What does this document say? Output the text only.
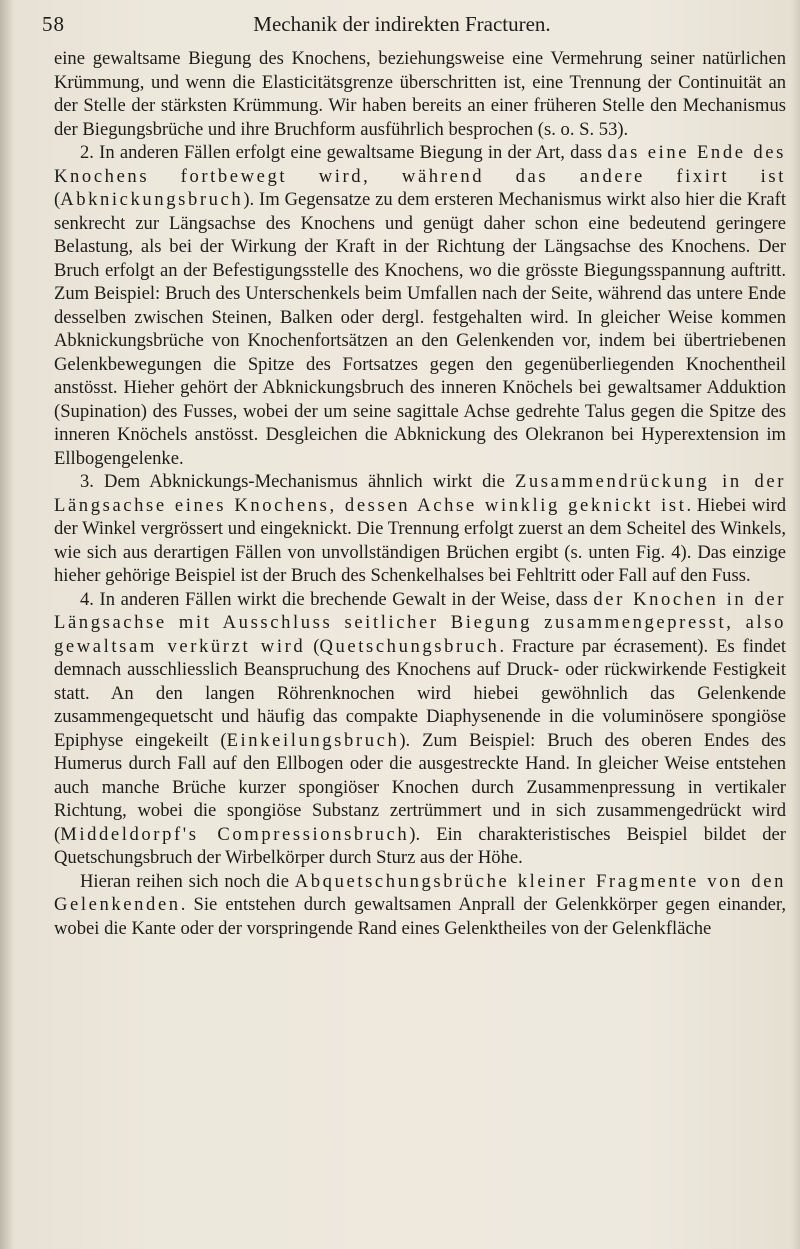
58	Mechanik der indirekten Fracturen.

eine gewaltsame Biegung des Knochens, beziehungsweise eine Vermehrung seiner natürlichen Krümmung, und wenn die Elasticitätsgrenze überschritten ist, eine Trennung der Continuität an der Stelle der stärksten Krümmung. Wir haben bereits an einer früheren Stelle den Mechanismus der Biegungsbrüche und ihre Bruchform ausführlich besprochen (s. o. S. 53).

2. In anderen Fällen erfolgt eine gewaltsame Biegung in der Art, dass das eine Ende des Knochens fortbewegt wird, während das andere fixirt ist (Abknickungsbruch). Im Gegensatze zu dem ersteren Mechanismus wirkt also hier die Kraft senkrecht zur Längsachse des Knochens und genügt daher schon eine bedeutend geringere Belastung, als bei der Wirkung der Kraft in der Richtung der Längsachse des Knochens. Der Bruch erfolgt an der Befestigungsstelle des Knochens, wo die grösste Biegungsspannung auftritt. Zum Beispiel: Bruch des Unterschenkels beim Umfallen nach der Seite, während das untere Ende desselben zwischen Steinen, Balken oder dergl. festgehalten wird. In gleicher Weise kommen Abknickungsbrüche von Knochenfortsätzen an den Gelenkenden vor, indem bei übertriebenen Gelenkbewegungen die Spitze des Fortsatzes gegen den gegenüberliegenden Knochentheil anstösst. Hieher gehört der Abknickungsbruch des inneren Knöchels bei gewaltsamer Adduktion (Supination) des Fusses, wobei der um seine sagittale Achse gedrehte Talus gegen die Spitze des inneren Knöchels anstösst. Desgleichen die Abknickung des Olekranon bei Hyperextension im Ellbogengelenke.

3. Dem Abknickungs-Mechanismus ähnlich wirkt die Zusammendrückung in der Längsachse eines Knochens, dessen Achse winklig geknickt ist. Hiebei wird der Winkel vergrössert und eingeknickt. Die Trennung erfolgt zuerst an dem Scheitel des Winkels, wie sich aus derartigen Fällen von unvollständigen Brüchen ergibt (s. unten Fig. 4). Das einzige hieher gehörige Beispiel ist der Bruch des Schenkelhalses bei Fehltritt oder Fall auf den Fuss.

4. In anderen Fällen wirkt die brechende Gewalt in der Weise, dass der Knochen in der Längsachse mit Ausschluss seitlicher Biegung zusammengepresst, also gewaltsam verkürzt wird (Quetschungsbruch. Fracture par écrasement). Es findet demnach ausschliesslich Beanspruchung des Knochens auf Druck- oder rückwirkende Festigkeit statt. An den langen Röhrenknochen wird hiebei gewöhnlich das Gelenkende zusammengequetscht und häufig das compakte Diaphysenende in die voluminösere spongiöse Epiphyse eingekeilt (Einkeilungsbruch). Zum Beispiel: Bruch des oberen Endes des Humerus durch Fall auf den Ellbogen oder die ausgestreckte Hand. In gleicher Weise entstehen auch manche Brüche kurzer spongiöser Knochen durch Zusammenpressung in vertikaler Richtung, wobei die spongiöse Substanz zertrümmert und in sich zusammengedrückt wird (Middeldorpf's Compressionsbruch). Ein charakteristisches Beispiel bildet der Quetschungsbruch der Wirbelkörper durch Sturz aus der Höhe.

Hieran reihen sich noch die Abquetschungsbrüche kleiner Fragmente von den Gelenkenden. Sie entstehen durch gewaltsamen Anprall der Gelenkkörper gegen einander, wobei die Kante oder der vorspringende Rand eines Gelenktheiles von der Gelenkfläche
